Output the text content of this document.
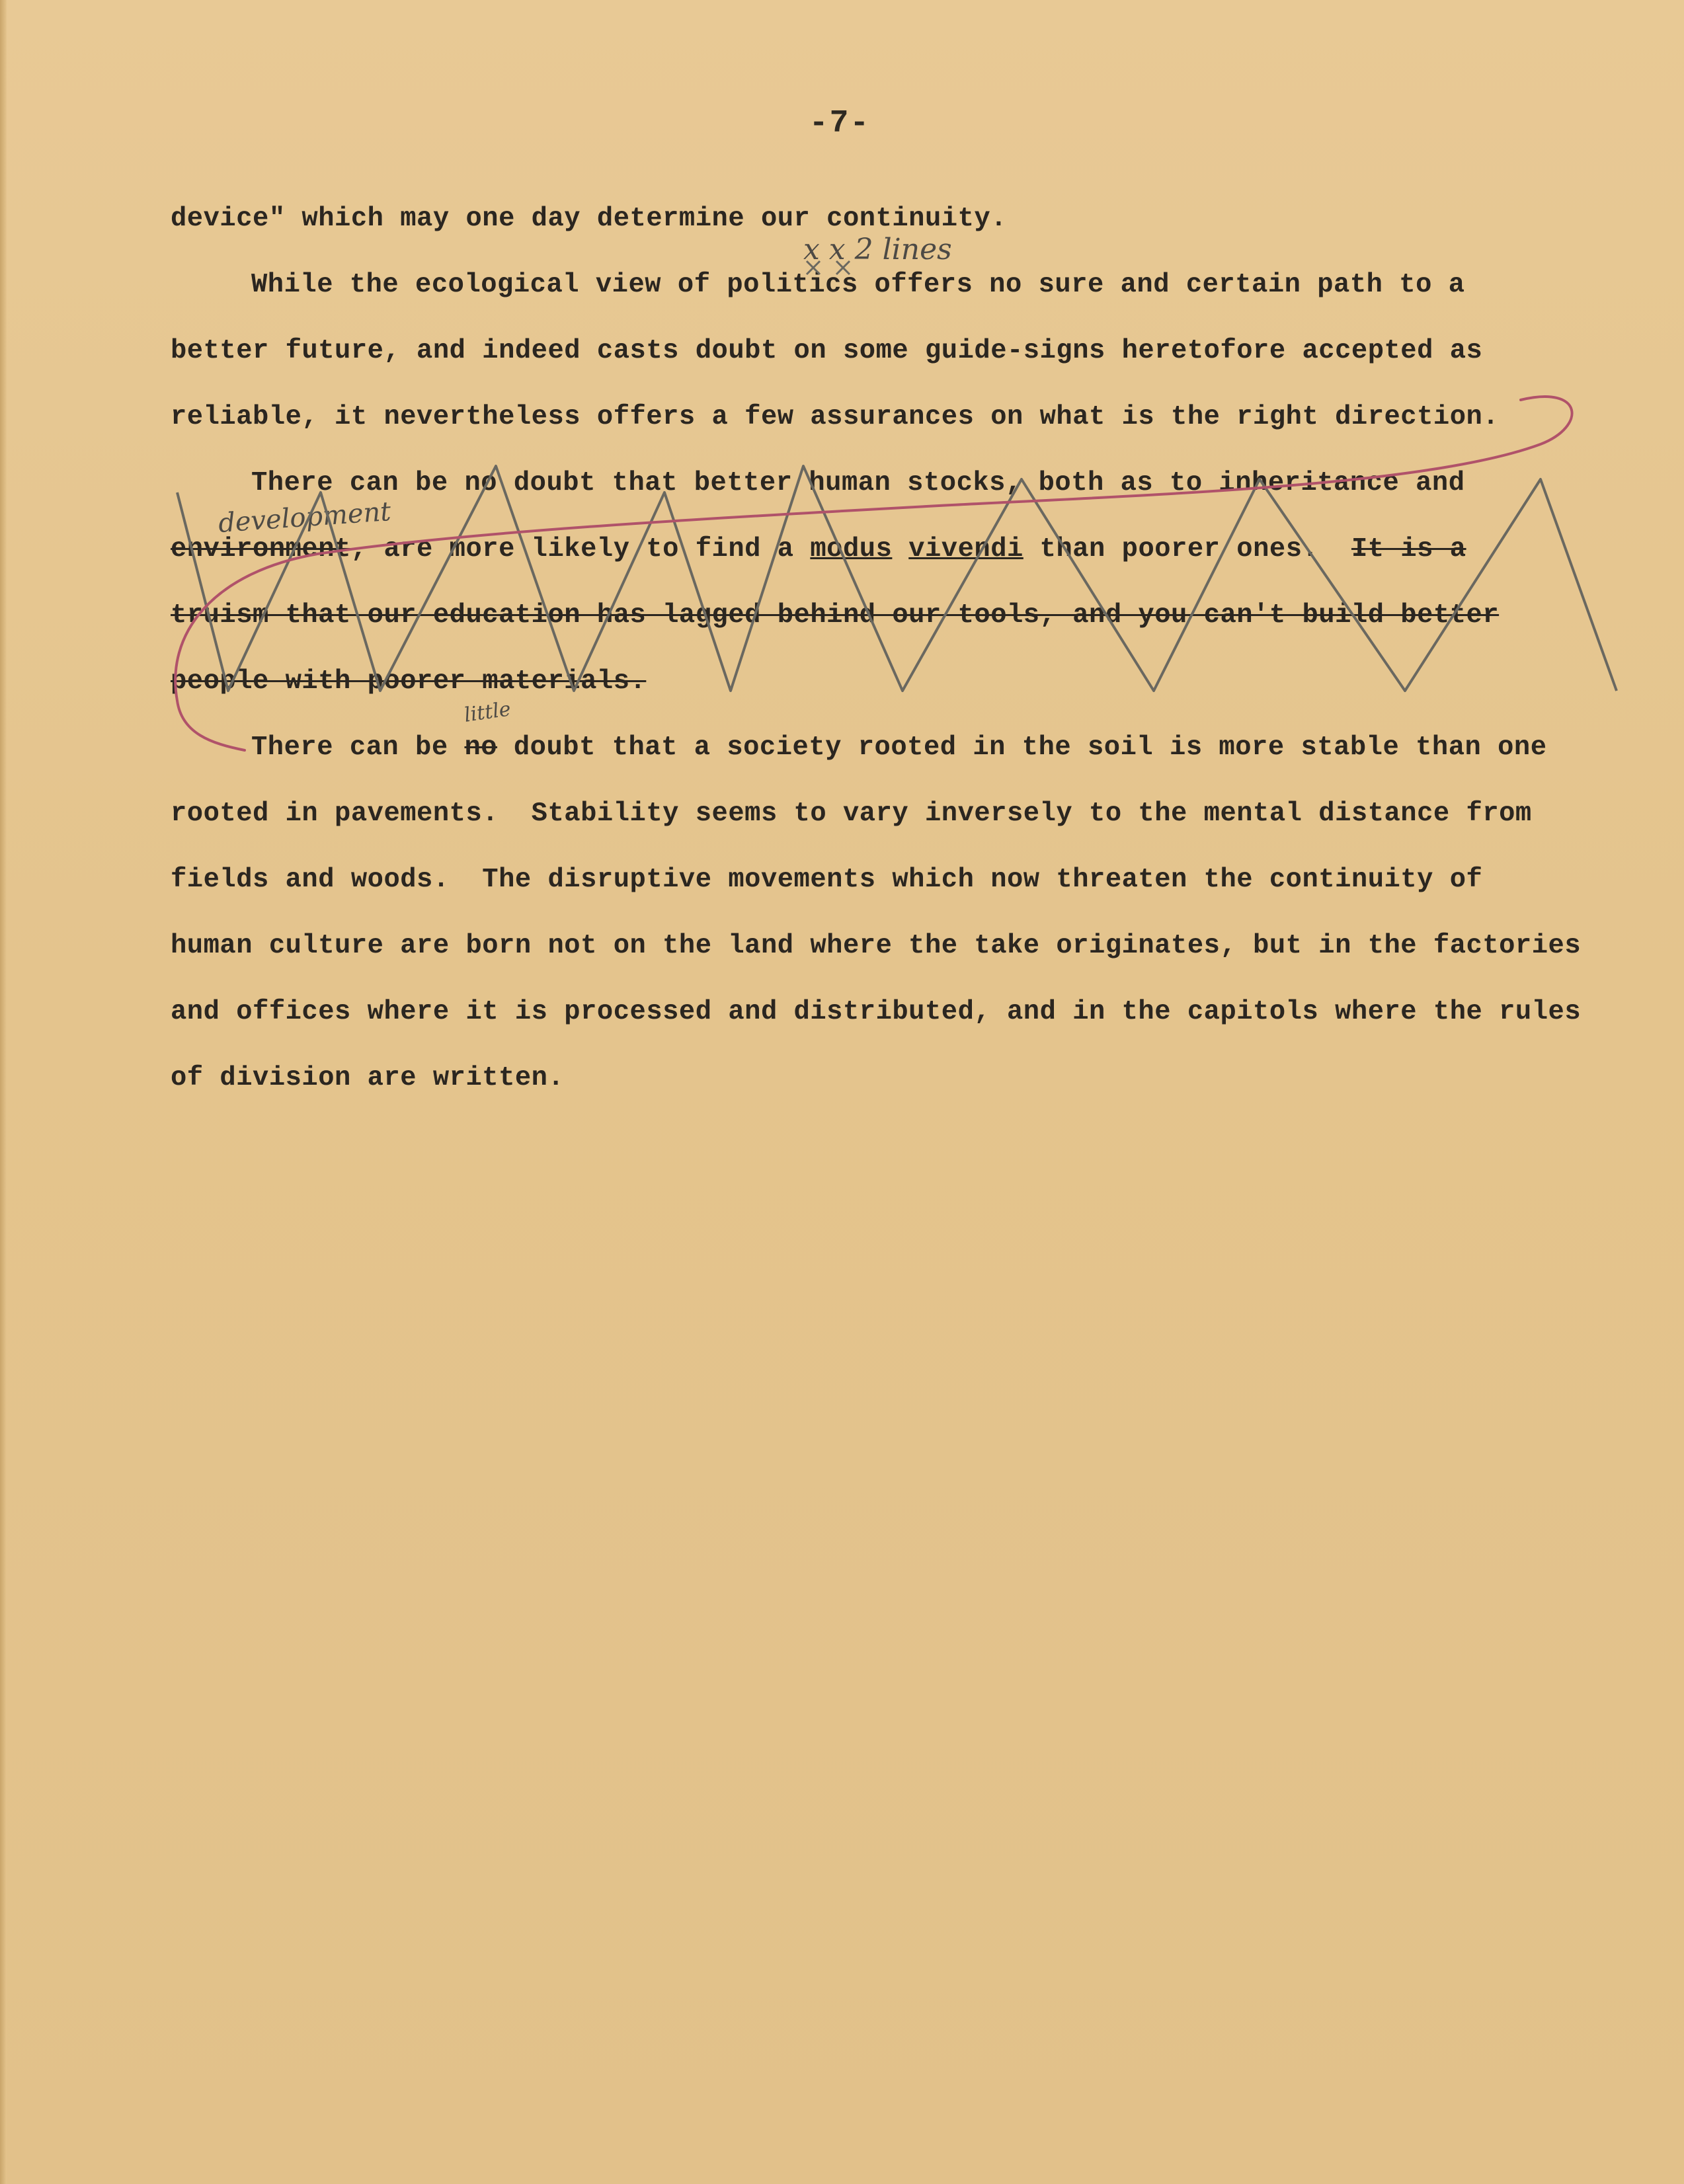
-7-
device" which may one day determine our continuity.
While the ecological view of politics offers no sure and certain path to a
better future, and indeed casts doubt on some guide-signs heretofore accepted as
reliable, it nevertheless offers a few assurances on what is the right direction.
There can be no doubt that better human stocks, both as to inheritance and
environment, are more likely to find a modus vivendi than poorer ones.  It is a
truism that our education has lagged behind our tools, and you can't build better
people with poorer materials.
There can be no doubt that a society rooted in the soil is more stable than one
rooted in pavements.  Stability seems to vary inversely to the mental distance from
fields and woods.  The disruptive movements which now threaten the continuity of
human culture are born not on the land where the take originates, but in the factories
and offices where it is processed and distributed, and in the capitols where the rules
of division are written.
x x 2 lines
development
little
